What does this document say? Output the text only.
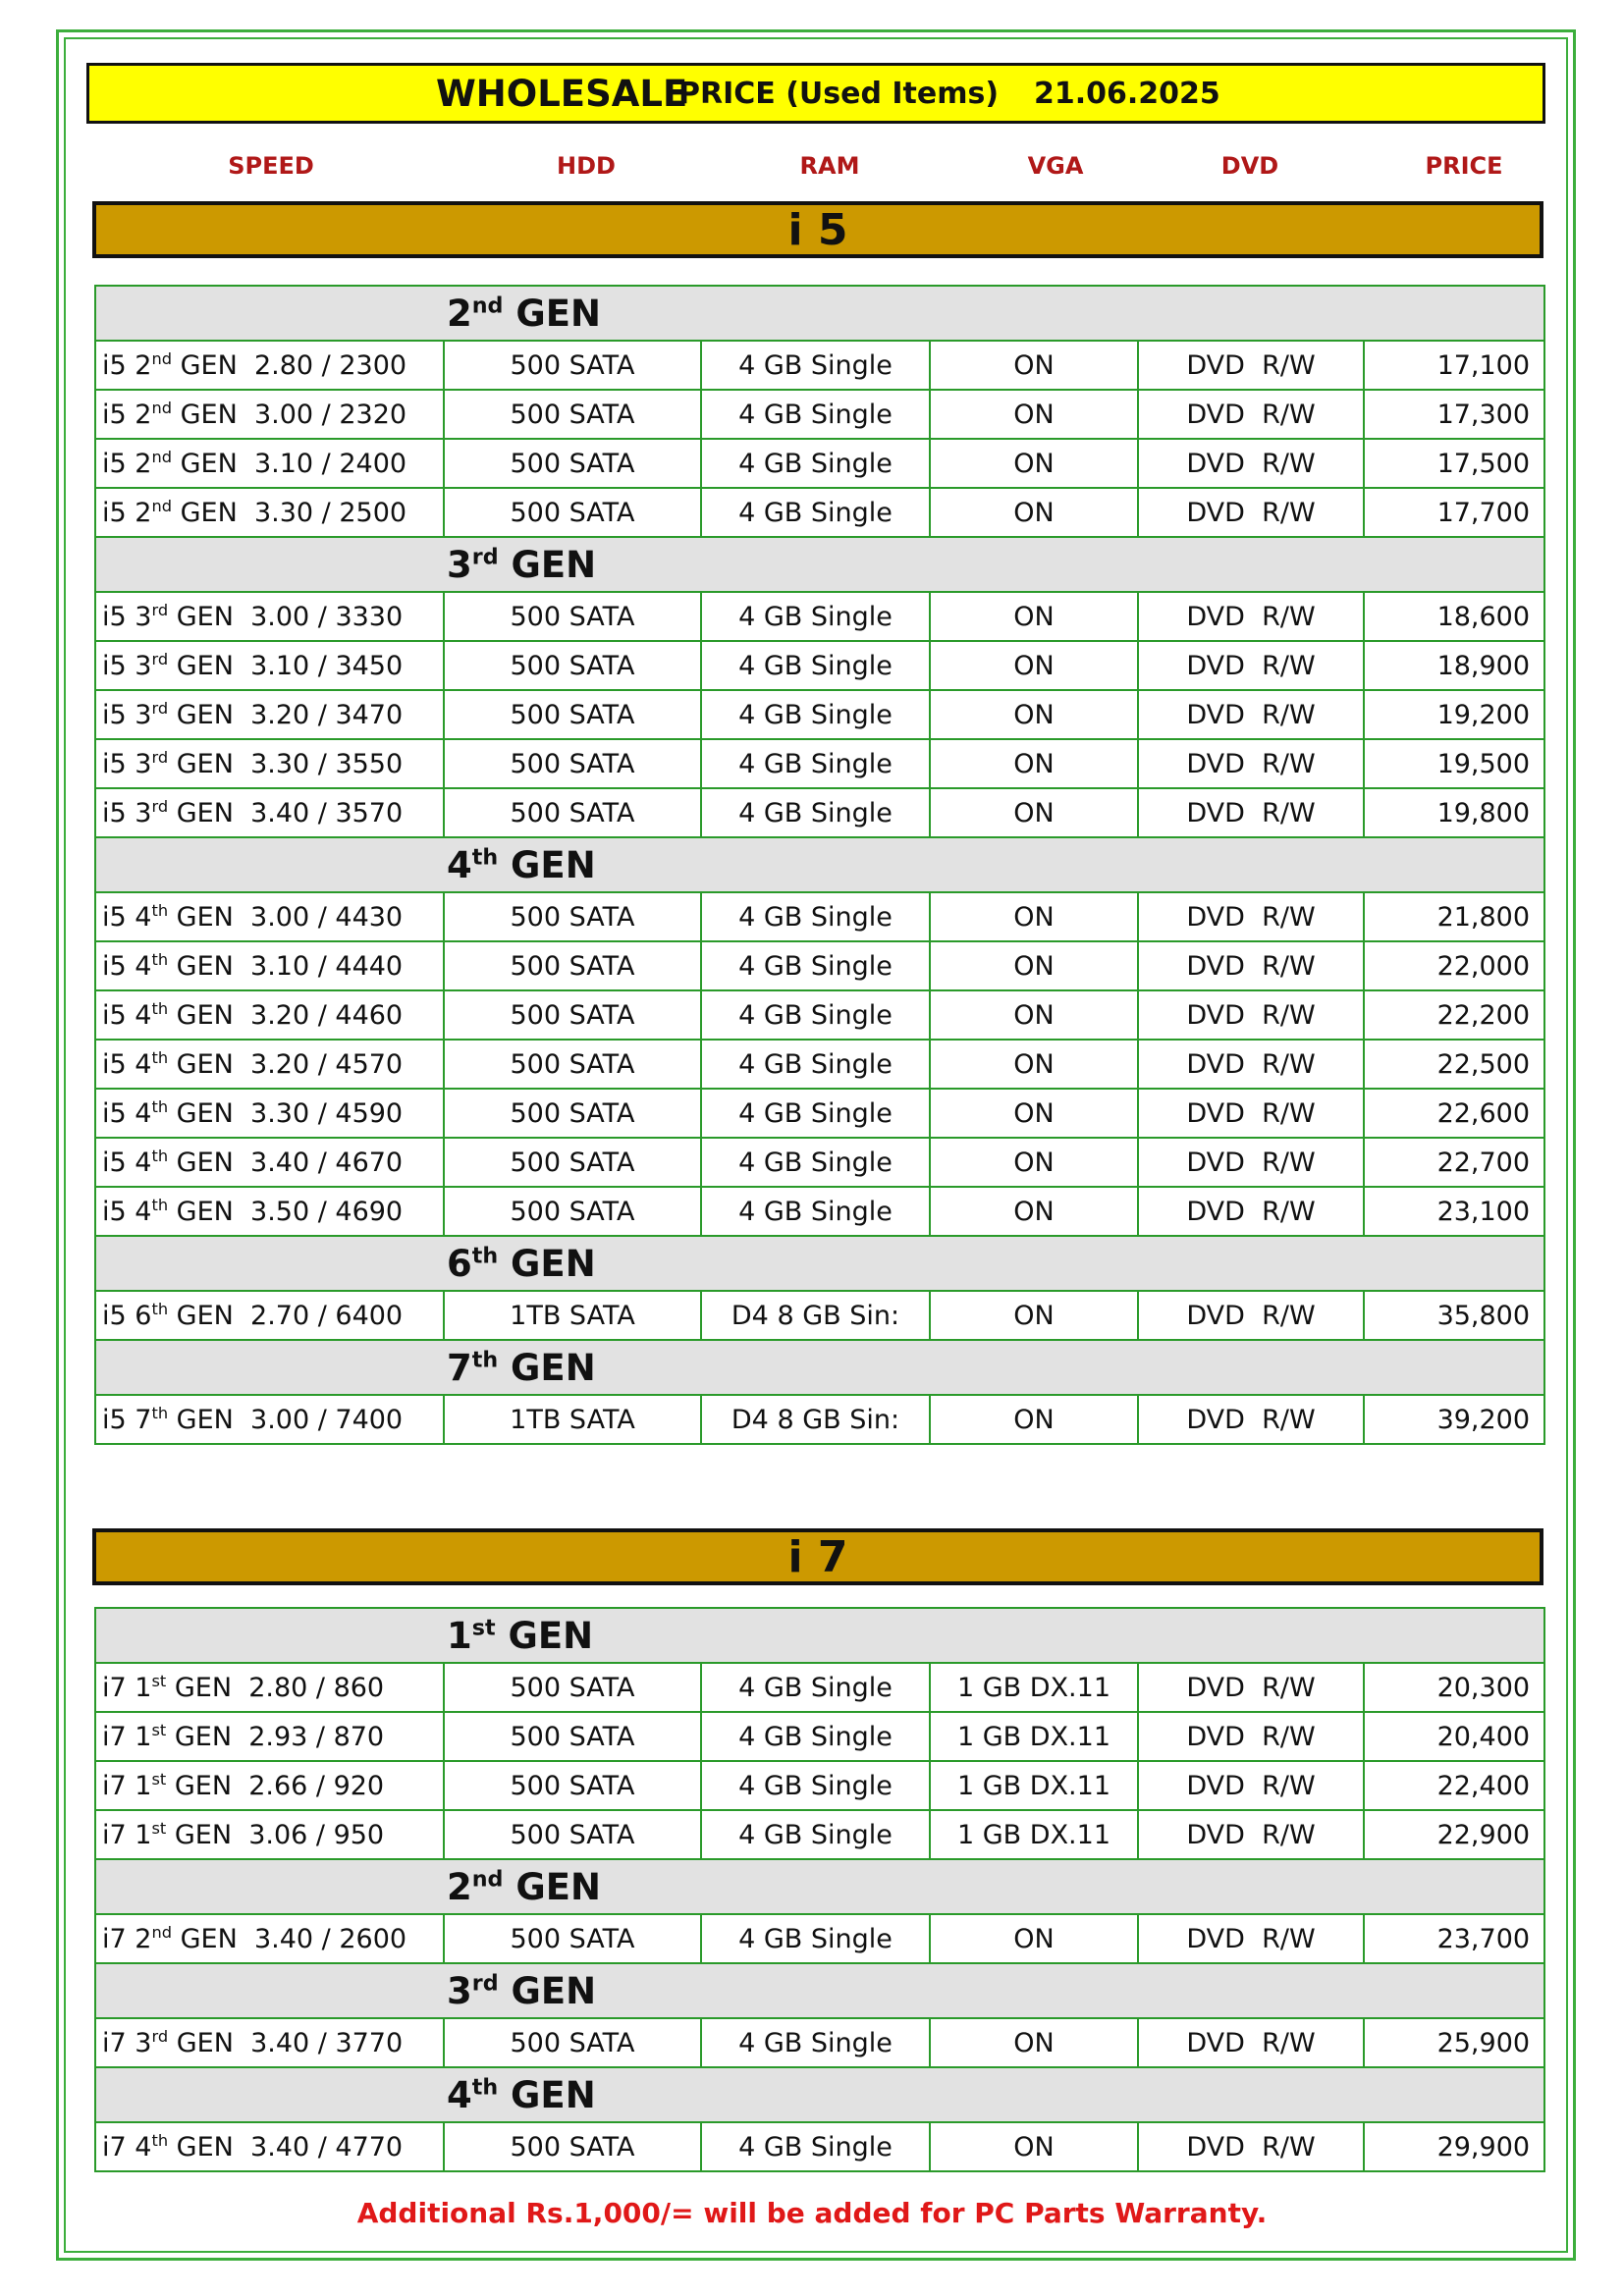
WHOLESALE
PRICE (Used Items) 21.06.2025
SPEED	HDD	RAM	VGA	DVD	PRICE
i 5
2nd GEN					
i5 2nd GEN  2.80 / 2300	500 SATA	4 GB Single	ON	DVD  R/W	17,100
i5 2nd GEN  3.00 / 2320	500 SATA	4 GB Single	ON	DVD  R/W	17,300
i5 2nd GEN  3.10 / 2400	500 SATA	4 GB Single	ON	DVD  R/W	17,500
i5 2nd GEN  3.30 / 2500	500 SATA	4 GB Single	ON	DVD  R/W	17,700
3rd GEN					
i5 3rd GEN  3.00 / 3330	500 SATA	4 GB Single	ON	DVD  R/W	18,600
i5 3rd GEN  3.10 / 3450	500 SATA	4 GB Single	ON	DVD  R/W	18,900
i5 3rd GEN  3.20 / 3470	500 SATA	4 GB Single	ON	DVD  R/W	19,200
i5 3rd GEN  3.30 / 3550	500 SATA	4 GB Single	ON	DVD  R/W	19,500
i5 3rd GEN  3.40 / 3570	500 SATA	4 GB Single	ON	DVD  R/W	19,800
4th GEN					
i5 4th GEN  3.00 / 4430	500 SATA	4 GB Single	ON	DVD  R/W	21,800
i5 4th GEN  3.10 / 4440	500 SATA	4 GB Single	ON	DVD  R/W	22,000
i5 4th GEN  3.20 / 4460	500 SATA	4 GB Single	ON	DVD  R/W	22,200
i5 4th GEN  3.20 / 4570	500 SATA	4 GB Single	ON	DVD  R/W	22,500
i5 4th GEN  3.30 / 4590	500 SATA	4 GB Single	ON	DVD  R/W	22,600
i5 4th GEN  3.40 / 4670	500 SATA	4 GB Single	ON	DVD  R/W	22,700
i5 4th GEN  3.50 / 4690	500 SATA	4 GB Single	ON	DVD  R/W	23,100
6th GEN					
i5 6th GEN  2.70 / 6400	1TB SATA	D4 8 GB Sin:	ON	DVD  R/W	35,800
7th GEN					
i5 7th GEN  3.00 / 7400	1TB SATA	D4 8 GB Sin:	ON	DVD  R/W	39,200
i 7
1st GEN					
i7 1st GEN  2.80 / 860	500 SATA	4 GB Single	1 GB DX.11	DVD  R/W	20,300
i7 1st GEN  2.93 / 870	500 SATA	4 GB Single	1 GB DX.11	DVD  R/W	20,400
i7 1st GEN  2.66 / 920	500 SATA	4 GB Single	1 GB DX.11	DVD  R/W	22,400
i7 1st GEN  3.06 / 950	500 SATA	4 GB Single	1 GB DX.11	DVD  R/W	22,900
2nd GEN					
i7 2nd GEN  3.40 / 2600	500 SATA	4 GB Single	ON	DVD  R/W	23,700
3rd GEN					
i7 3rd GEN  3.40 / 3770	500 SATA	4 GB Single	ON	DVD  R/W	25,900
4th GEN					
i7 4th GEN  3.40 / 4770	500 SATA	4 GB Single	ON	DVD  R/W	29,900
Additional Rs.1,000/= will be added for PC Parts Warranty.
